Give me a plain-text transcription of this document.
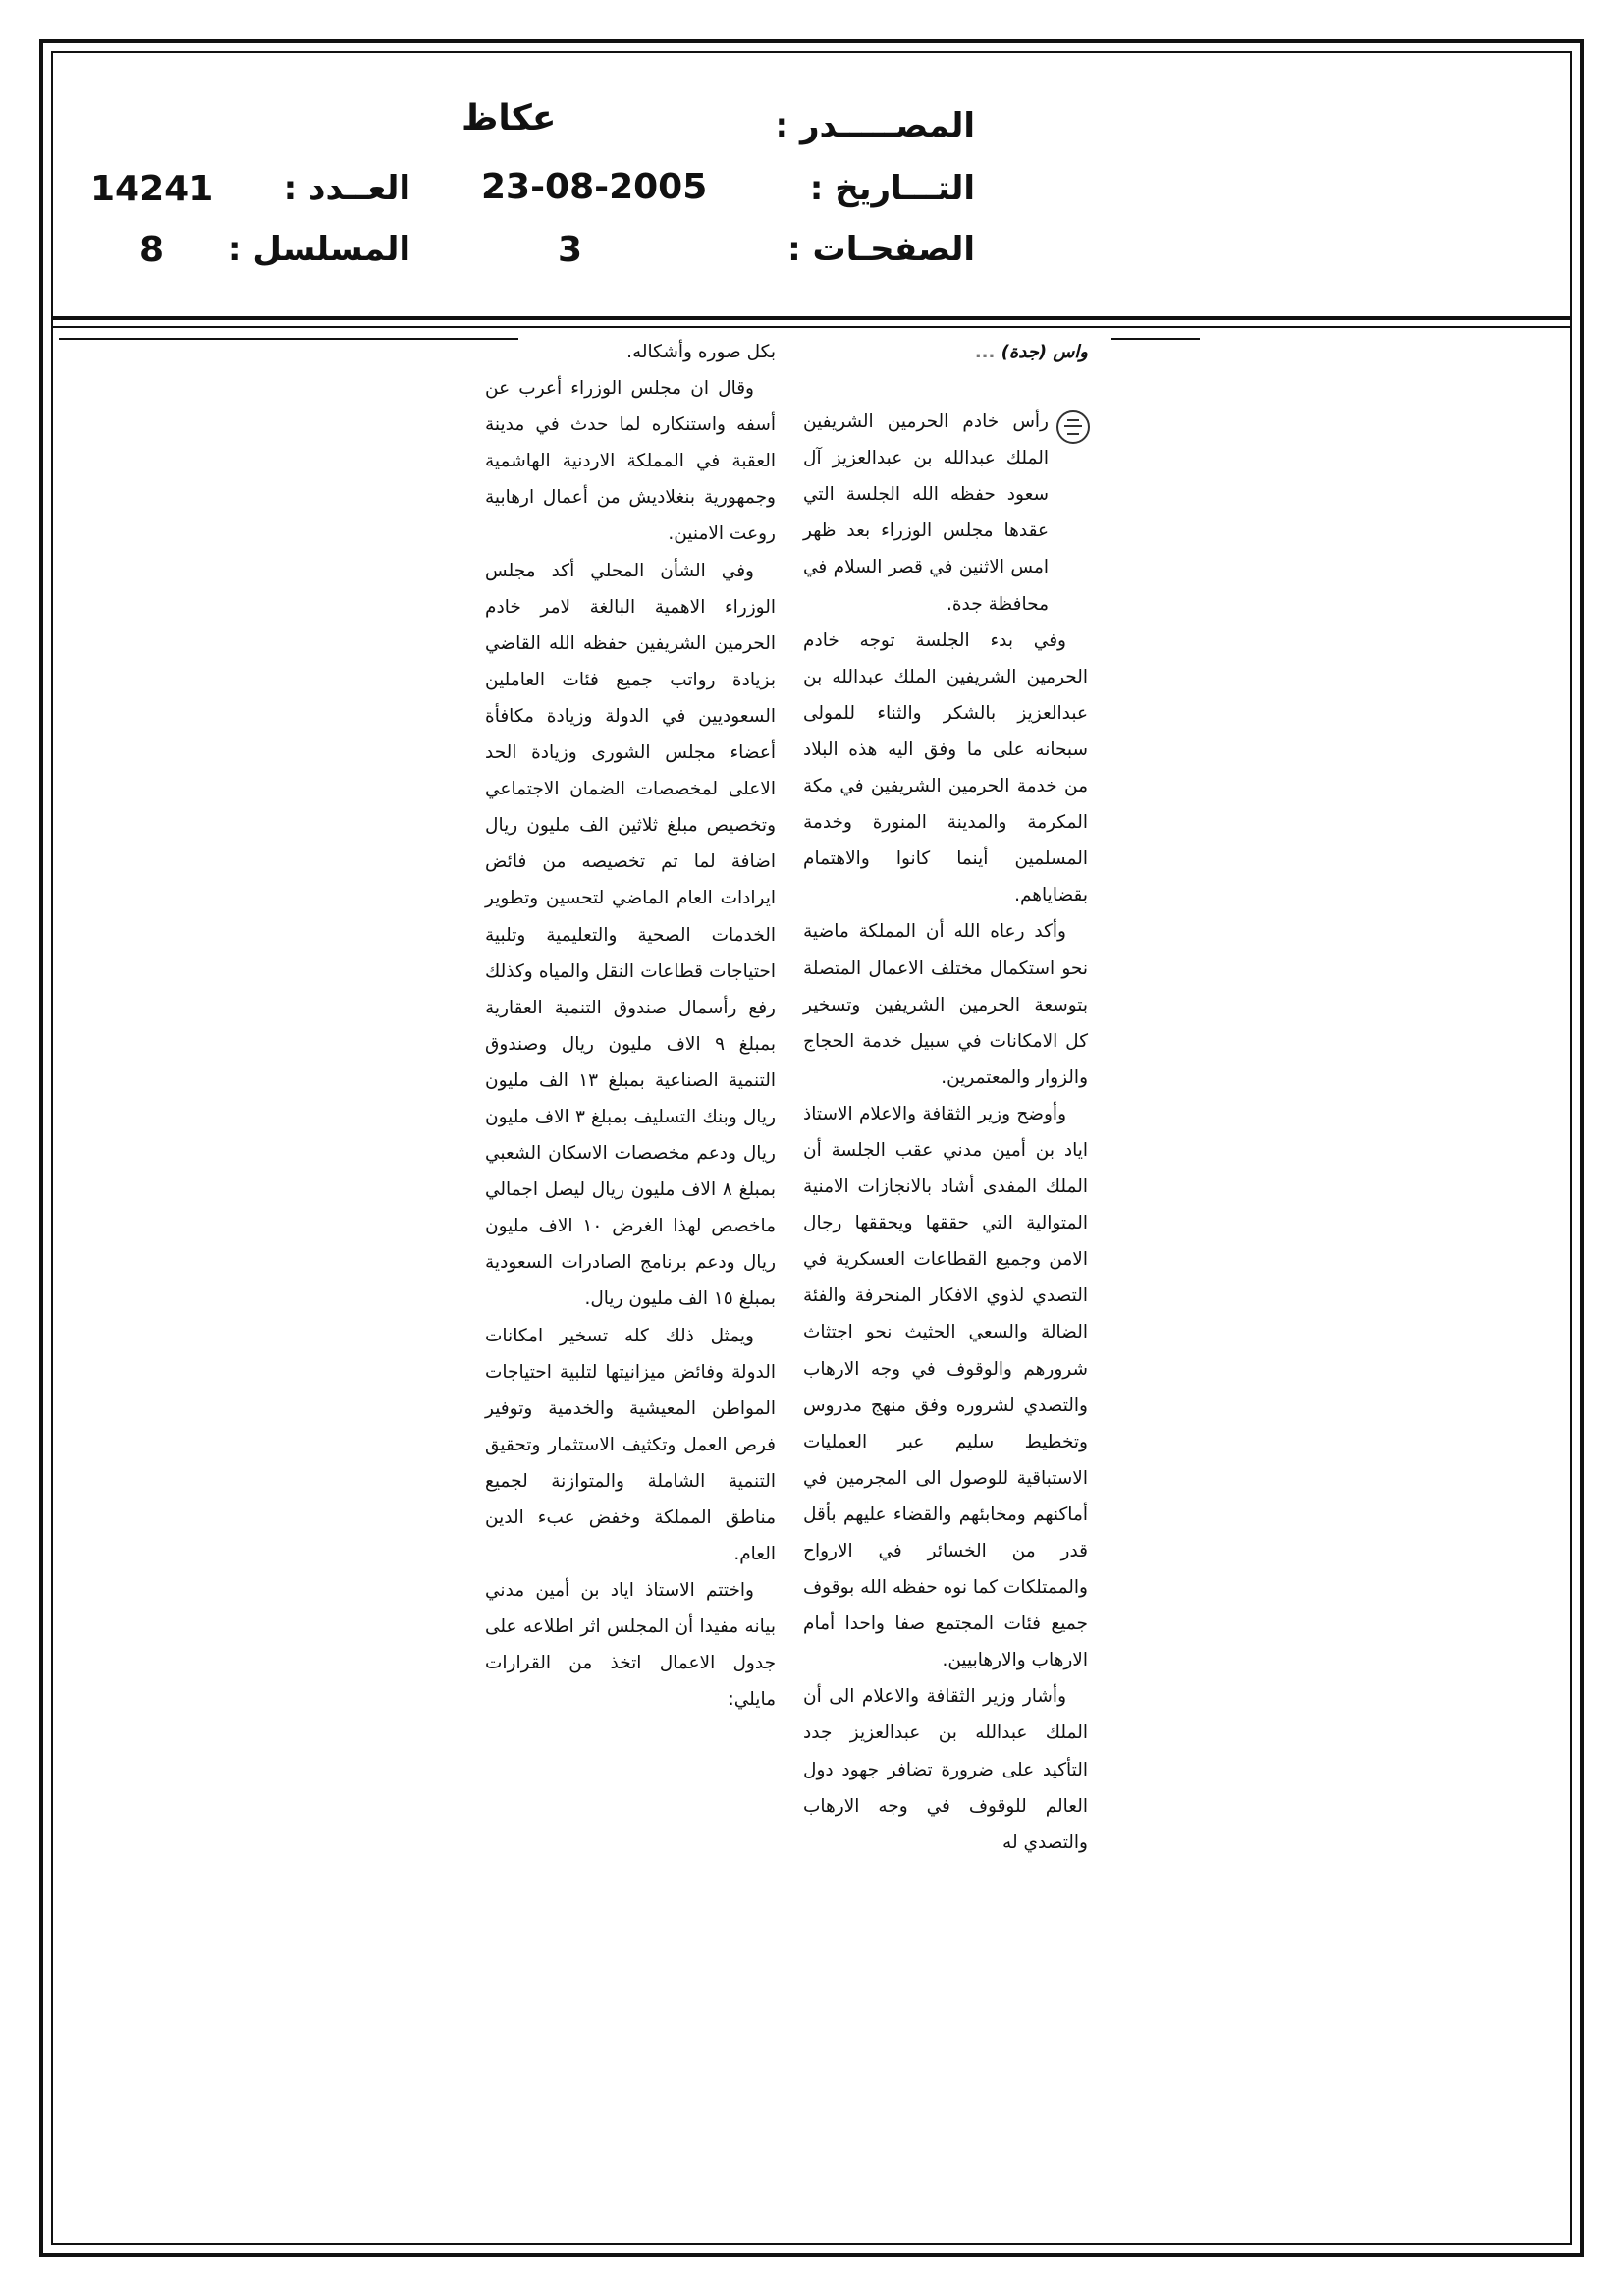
المصـــــدر :
عكاظ
التـــاريخ :
23-08-2005
العــدد :
14241
الصفحـات :
3
المسلسل :
8
واس (جدة) ...

رأس خادم الحرمين الشريفين الملك عبدالله بن عبدالعزيز آل سعود حفظه الله الجلسة التي عقدها مجلس الوزراء بعد ظهر امس الاثنين في قصر السلام في محافظة جدة.

وفي بدء الجلسة توجه خادم الحرمين الشريفين الملك عبدالله بن عبدالعزيز بالشكر والثناء للمولى سبحانه على ما وفق اليه هذه البلاد من خدمة الحرمين الشريفين في مكة المكرمة والمدينة المنورة وخدمة المسلمين أينما كانوا والاهتمام بقضاياهم.

وأكد رعاه الله أن المملكة ماضية نحو استكمال مختلف الاعمال المتصلة بتوسعة الحرمين الشريفين وتسخير كل الامكانات في سبيل خدمة الحجاج والزوار والمعتمرين.

وأوضح وزير الثقافة والاعلام الاستاذ اياد بن أمين مدني عقب الجلسة أن الملك المفدى أشاد بالانجازات الامنية المتوالية التي حققها ويحققها رجال الامن وجميع القطاعات العسكرية في التصدي لذوي الافكار المنحرفة والفئة الضالة والسعي الحثيث نحو اجتثاث شرورهم والوقوف في وجه الارهاب والتصدي لشروره وفق منهج مدروس وتخطيط سليم عبر العمليات الاستباقية للوصول الى المجرمين في أماكنهم ومخابئهم والقضاء عليهم بأقل قدر من الخسائر في الارواح والممتلكات كما نوه حفظه الله بوقوف جميع فئات المجتمع صفا واحدا أمام الارهاب والارهابيين.

وأشار وزير الثقافة والاعلام الى أن الملك عبدالله بن عبدالعزيز جدد التأكيد على ضرورة تضافر جهود دول العالم للوقوف في وجه الارهاب والتصدي له

بكل صوره وأشكاله.

وقال ان مجلس الوزراء أعرب عن أسفه واستنكاره لما حدث في مدينة العقبة في المملكة الاردنية الهاشمية وجمهورية بنغلاديش من أعمال ارهابية روعت الامنين.

وفي الشأن المحلي أكد مجلس الوزراء الاهمية البالغة لامر خادم الحرمين الشريفين حفظه الله القاضي بزيادة رواتب جميع فئات العاملين السعوديين في الدولة وزيادة مكافأة أعضاء مجلس الشورى وزيادة الحد الاعلى لمخصصات الضمان الاجتماعي وتخصيص مبلغ ثلاثين الف مليون ريال اضافة لما تم تخصيصه من فائض ايرادات العام الماضي لتحسين وتطوير الخدمات الصحية والتعليمية وتلبية احتياجات قطاعات النقل والمياه وكذلك رفع رأسمال صندوق التنمية العقارية بمبلغ ٩ الاف مليون ريال وصندوق التنمية الصناعية بمبلغ ١٣ الف مليون ريال وبنك التسليف بمبلغ ٣ الاف مليون ريال ودعم مخصصات الاسكان الشعبي بمبلغ ٨ الاف مليون ريال ليصل اجمالي ماخصص لهذا الغرض ١٠ الاف مليون ريال ودعم برنامج الصادرات السعودية بمبلغ ١٥ الف مليون ريال.

ويمثل ذلك كله تسخير امكانات الدولة وفائض ميزانيتها لتلبية احتياجات المواطن المعيشية والخدمية وتوفير فرص العمل وتكثيف الاستثمار وتحقيق التنمية الشاملة والمتوازنة لجميع مناطق المملكة وخفض عبء الدين العام.

واختتم الاستاذ اياد بن أمين مدني بيانه مفيدا أن المجلس اثر اطلاعه على جدول الاعمال اتخذ من القرارات مايلي:
